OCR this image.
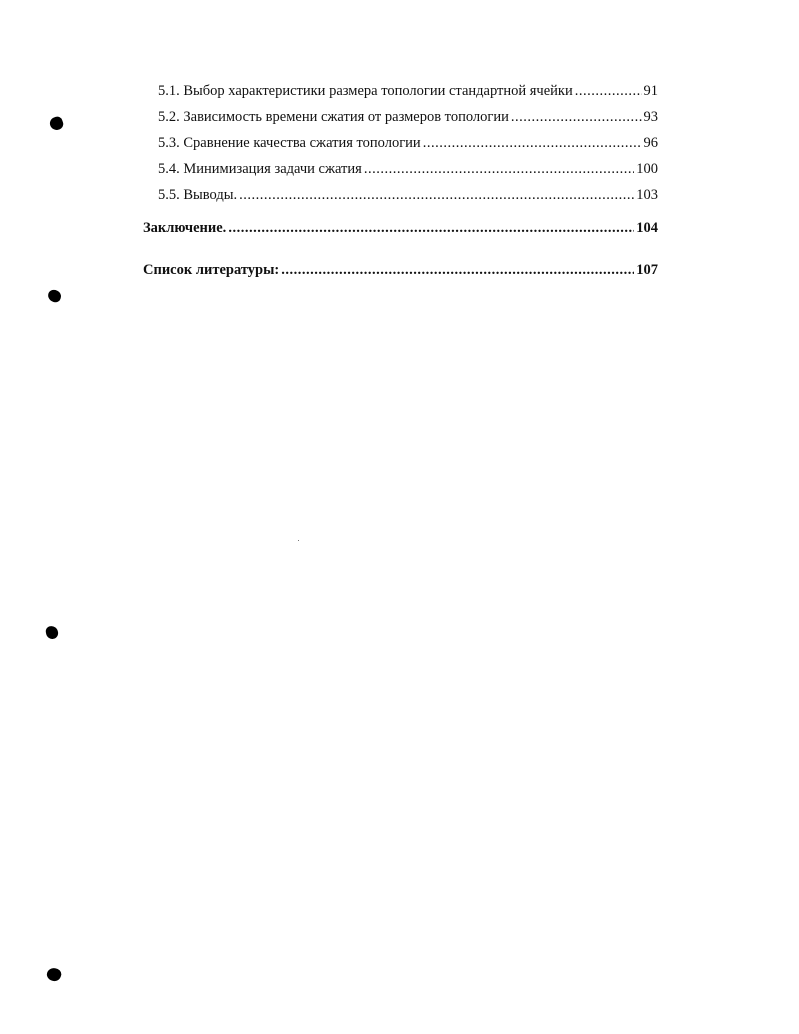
5.1. Выбор характеристики размера топологии стандартной ячейки .....	91
5.2. Зависимость времени сжатия от размеров топологии .....	93
5.3. Сравнение качества сжатия топологии .....	96
5.4. Минимизация задачи сжатия .....	100
5.5. Выводы. .....	103
Заключение. .....	104
Список литературы: .....	107
